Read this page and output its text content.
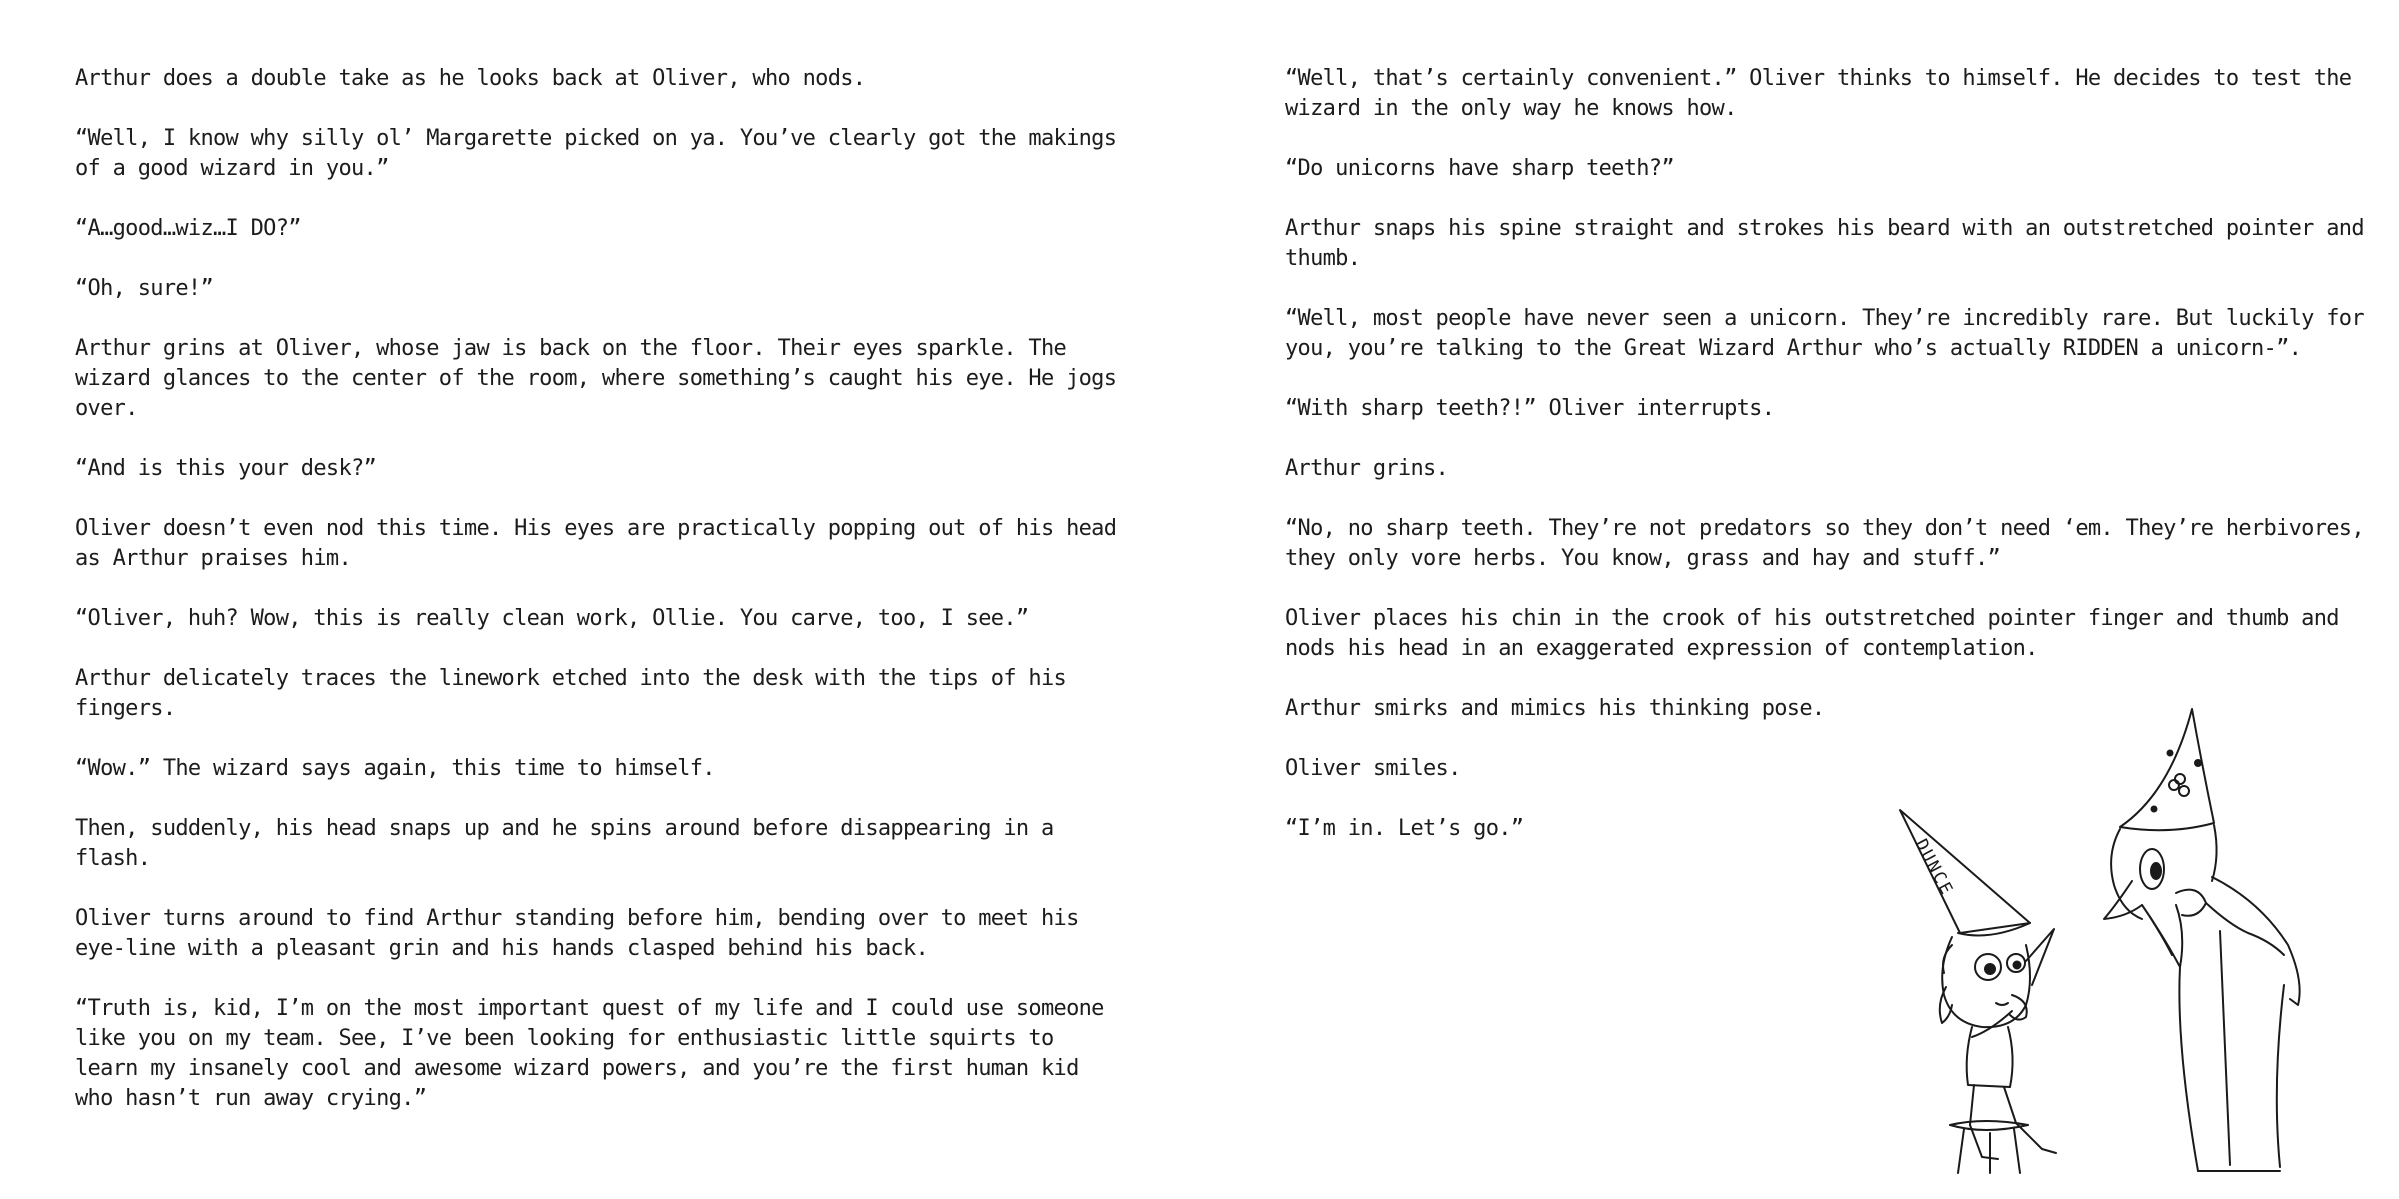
Arthur does a double take as he looks back at Oliver, who nods.

“Well, I know why silly ol’ Margarette picked on ya. You’ve clearly got the makings of a good wizard in you.”

“A…good…wiz…I DO?”

“Oh, sure!”

Arthur grins at Oliver, whose jaw is back on the floor. Their eyes sparkle. The wizard glances to the center of the room, where something’s caught his eye. He jogs over.

“And is this your desk?”

Oliver doesn’t even nod this time. His eyes are practically popping out of his head as Arthur praises him.

“Oliver, huh? Wow, this is really clean work, Ollie. You carve, too, I see.”

Arthur delicately traces the linework etched into the desk with the tips of his fingers.

“Wow.” The wizard says again, this time to himself.

Then, suddenly, his head snaps up and he spins around before disappearing in a flash.

Oliver turns around to find Arthur standing before him, bending over to meet his eye-line with a pleasant grin and his hands clasped behind his back.

“Truth is, kid, I’m on the most important quest of my life and I could use someone like you on my team. See, I’ve been looking for enthusiastic little squirts to learn my insanely cool and awesome wizard powers, and you’re the first human kid who hasn’t run away crying.”

“Well, that’s certainly convenient.” Oliver thinks to himself. He decides to test the wizard in the only way he knows how.

“Do unicorns have sharp teeth?”

Arthur snaps his spine straight and strokes his beard with an outstretched pointer and thumb.

“Well, most people have never seen a unicorn. They’re incredibly rare. But luckily for you, you’re talking to the Great Wizard Arthur who’s actually RIDDEN a unicorn-”.

“With sharp teeth?!” Oliver interrupts.

Arthur grins.

“No, no sharp teeth. They’re not predators so they don’t need ‘em. They’re herbivores, they only vore herbs. You know, grass and hay and stuff.”

Oliver places his chin in the crook of his outstretched pointer finger and thumb and nods his head in an exaggerated expression of contemplation.

Arthur smirks and mimics his thinking pose.

Oliver smiles.

“I’m in. Let’s go.”

DUNCE
